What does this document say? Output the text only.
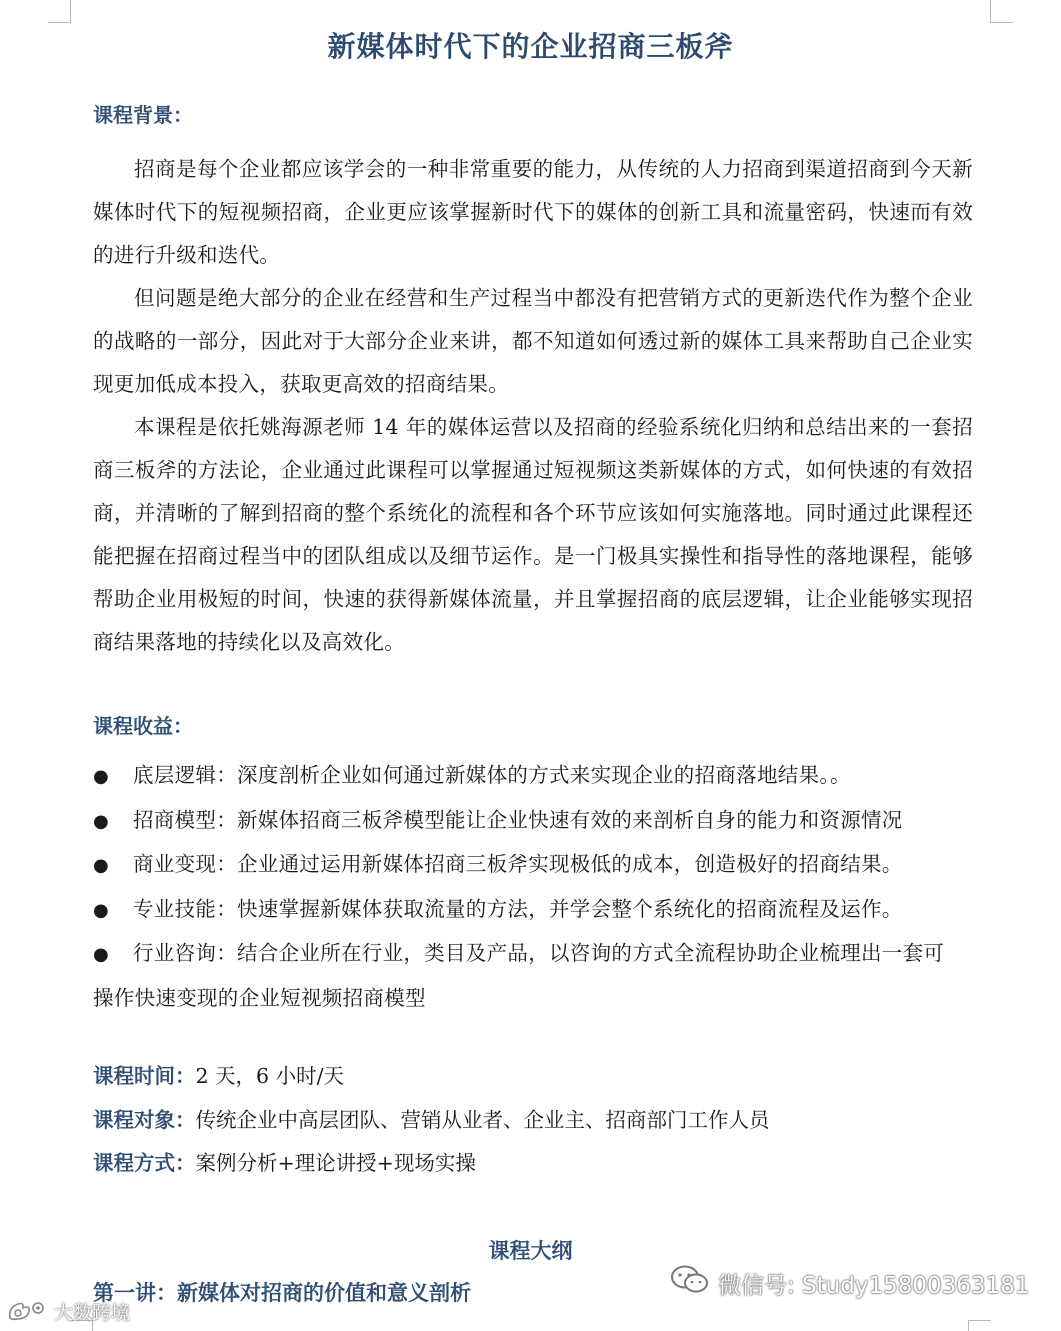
新媒体时代下的企业招商三板斧

课程背景：

招商是每个企业都应该学会的一种非常重要的能力，从传统的人力招商到渠道招商到今天新媒体时代下的短视频招商，企业更应该掌握新时代下的媒体的创新工具和流量密码，快速而有效的进行升级和迭代。

但问题是绝大部分的企业在经营和生产过程当中都没有把营销方式的更新迭代作为整个企业的战略的一部分，因此对于大部分企业来讲，都不知道如何透过新的媒体工具来帮助自己企业实现更加低成本投入，获取更高效的招商结果。

本课程是依托姚海源老师 14 年的媒体运营以及招商的经验系统化归纳和总结出来的一套招商三板斧的方法论，企业通过此课程可以掌握通过短视频这类新媒体的方式，如何快速的有效招商，并清晰的了解到招商的整个系统化的流程和各个环节应该如何实施落地。同时通过此课程还能把握在招商过程当中的团队组成以及细节运作。是一门极具实操性和指导性的落地课程，能够帮助企业用极短的时间，快速的获得新媒体流量，并且掌握招商的底层逻辑，让企业能够实现招商结果落地的持续化以及高效化。

课程收益：

● 底层逻辑：深度剖析企业如何通过新媒体的方式来实现企业的招商落地结果。。
● 招商模型：新媒体招商三板斧模型能让企业快速有效的来剖析自身的能力和资源情况
● 商业变现：企业通过运用新媒体招商三板斧实现极低的成本，创造极好的招商结果。
● 专业技能：快速掌握新媒体获取流量的方法，并学会整个系统化的招商流程及运作。
● 行业咨询：结合企业所在行业，类目及产品，以咨询的方式全流程协助企业梳理出一套可
操作快速变现的企业短视频招商模型
课程时间：2 天，6 小时/天
课程对象：传统企业中高层团队、营销从业者、企业主、招商部门工作人员
课程方式：案例分析+理论讲授+现场实操
课程大纲
第一讲：新媒体对招商的价值和意义剖析	微信号: Study15800363181
大数跨境
